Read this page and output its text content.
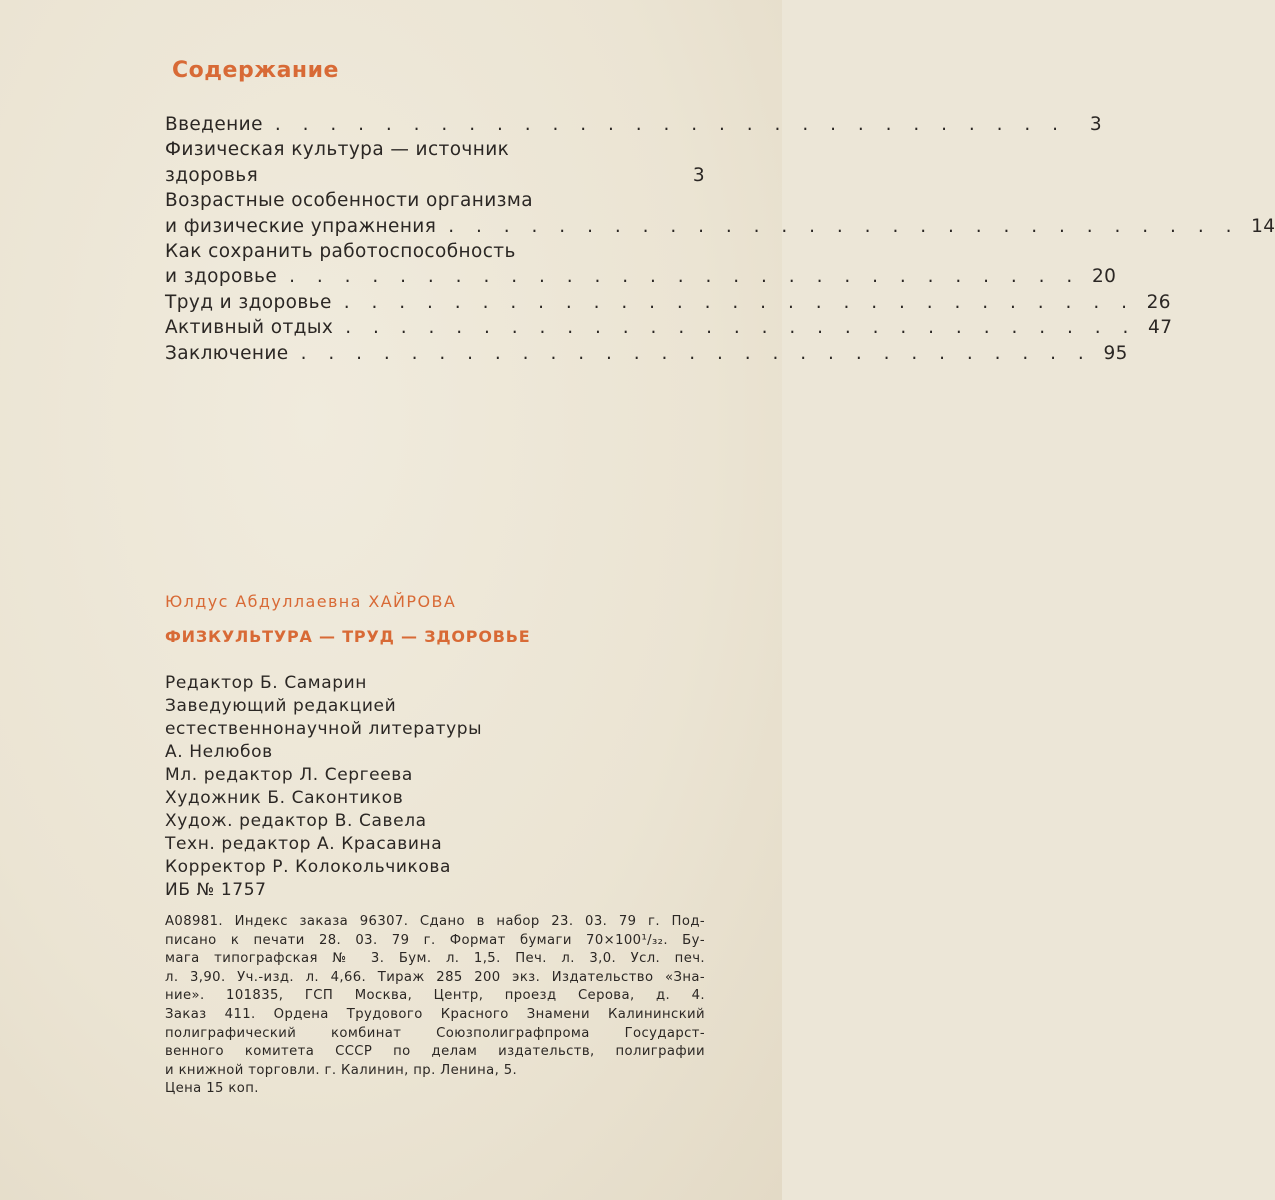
Содержание
Введение . . . . . . . . . . . . . . . . . . . . . . . . . . . . .	3
Физическая культура — источник
здоровья	3
Возрастные особенности организма
и физические упражнения . . . . . . . . . . . . . . . . . . . . . . . . . . . . . 14
Как сохранить работоспособность
и здоровье . . . . . . . . . . . . . . . . . . . . . . . . . . . . . 20
Труд и здоровье . . . . . . . . . . . . . . . . . . . . . . . . . . . . . 26
Активный отдых . . . . . . . . . . . . . . . . . . . . . . . . . . . . . 47
Заключение . . . . . . . . . . . . . . . . . . . . . . . . . . . . . 95
Юлдус Абдуллаевна ХАЙРОВА
ФИЗКУЛЬТУРА — ТРУД — ЗДОРОВЬЕ
Редактор Б. Самарин
Заведующий редакцией
естественнонаучной литературы
А. Нелюбов
Мл. редактор Л. Сергеева
Художник Б. Саконтиков
Худож. редактор В. Савела
Техн. редактор А. Красавина
Корректор Р. Колокольчикова
ИБ № 1757
А08981. Индекс заказа 96307. Сдано в набор 23. 03. 79 г. Под-
писано к печати 28. 03. 79 г. Формат бумаги 70×100¹/₃₂. Бу-
мага типографская № 3. Бум. л. 1,5. Печ. л. 3,0. Усл. печ.
л. 3,90. Уч.-изд. л. 4,66. Тираж 285 200 экз. Издательство «Зна-
ние». 101835, ГСП Москва, Центр, проезд Серова, д. 4.
Заказ 411. Ордена Трудового Красного Знамени Калининский
полиграфический комбинат Союзполиграфпрома Государст-
венного комитета СССР по делам издательств, полиграфии
и книжной торговли. г. Калинин, пр. Ленина, 5.
Цена 15 коп.
